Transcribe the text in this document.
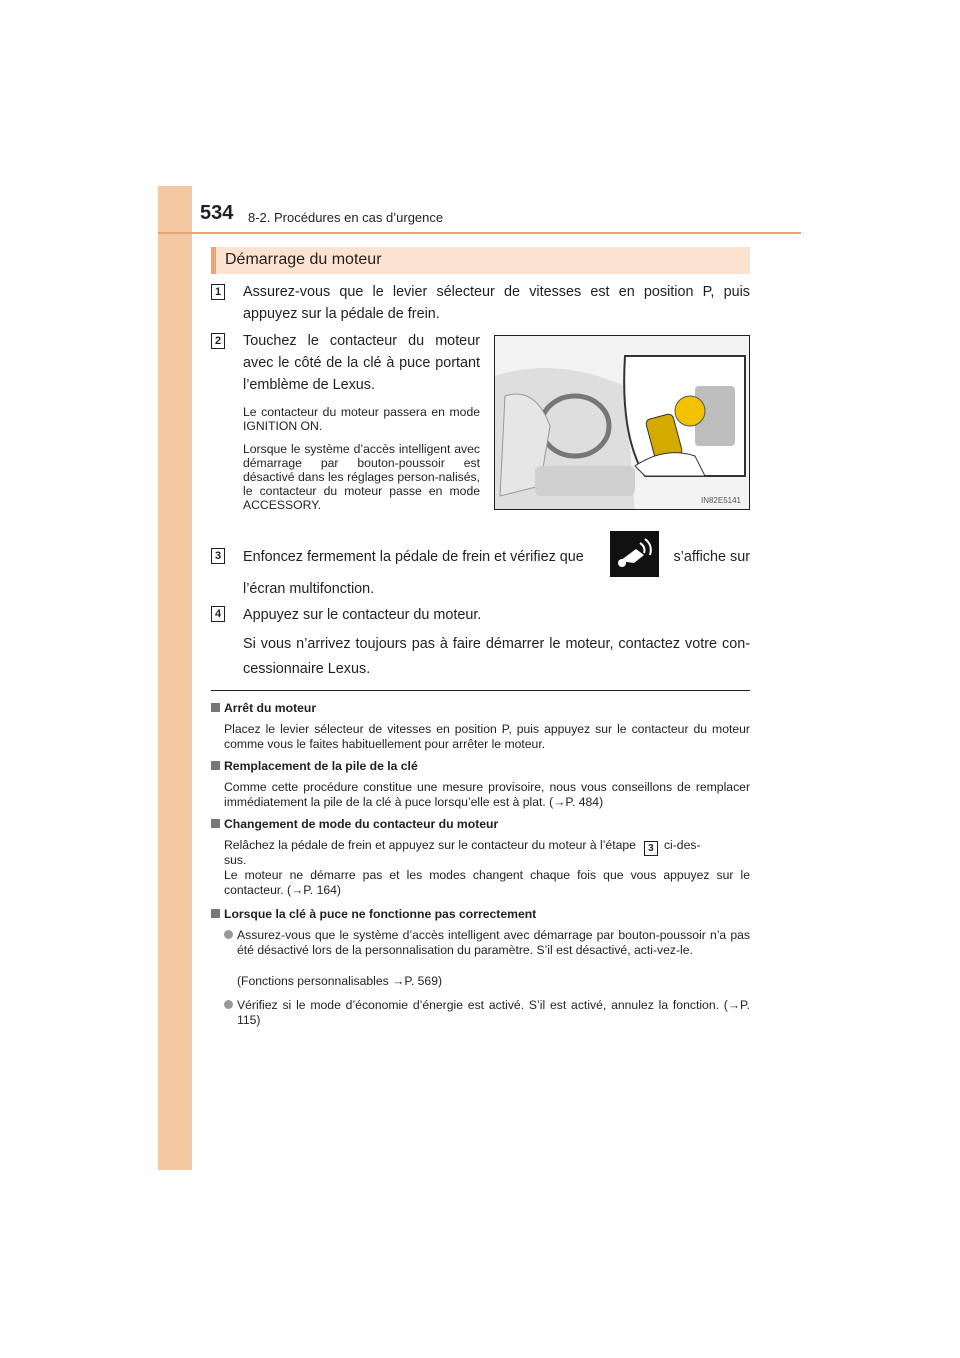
534 8-2. Procédures en cas d’urgence
Démarrage du moteur
1 Assurez-vous que le levier sélecteur de vitesses est en position P, puis appuyez sur la pédale de frein.
2 Touchez le contacteur du moteur avec le côté de la clé à puce portant l’emblème de Lexus.
Le contacteur du moteur passera en mode IGNITION ON.
Lorsque le système d’accès intelligent avec démarrage par bouton-poussoir est désactivé dans les réglages person-nalisés, le contacteur du moteur passe en mode ACCESSORY.	IN82E5141
3 Enfoncez fermement la pédale de frein et vérifiez que	s’affiche sur
l’écran multifonction.
4 Appuyez sur le contacteur du moteur.
Si vous n’arrivez toujours pas à faire démarrer le moteur, contactez votre con-cessionnaire Lexus.
Arrêt du moteur
Placez le levier sélecteur de vitesses en position P, puis appuyez sur le contacteur du moteur comme vous le faites habituellement pour arrêter le moteur.
Remplacement de la pile de la clé
Comme cette procédure constitue une mesure provisoire, nous vous conseillons de remplacer immédiatement la pile de la clé à puce lorsqu’elle est à plat. (→P. 484)
Changement de mode du contacteur du moteur
Relâchez la pédale de frein et appuyez sur le contacteur du moteur à l’étape 3 ci-des-
sus.
Le moteur ne démarre pas et les modes changent chaque fois que vous appuyez sur le contacteur. (→P. 164)
Lorsque la clé à puce ne fonctionne pas correctement
Assurez-vous que le système d’accès intelligent avec démarrage par bouton-poussoir n’a pas été désactivé lors de la personnalisation du paramètre. S’il est désactivé, acti-vez-le.
(Fonctions personnalisables →P. 569)
Vérifiez si le mode d’économie d’énergie est activé. S’il est activé, annulez la fonction. (→P. 115)
